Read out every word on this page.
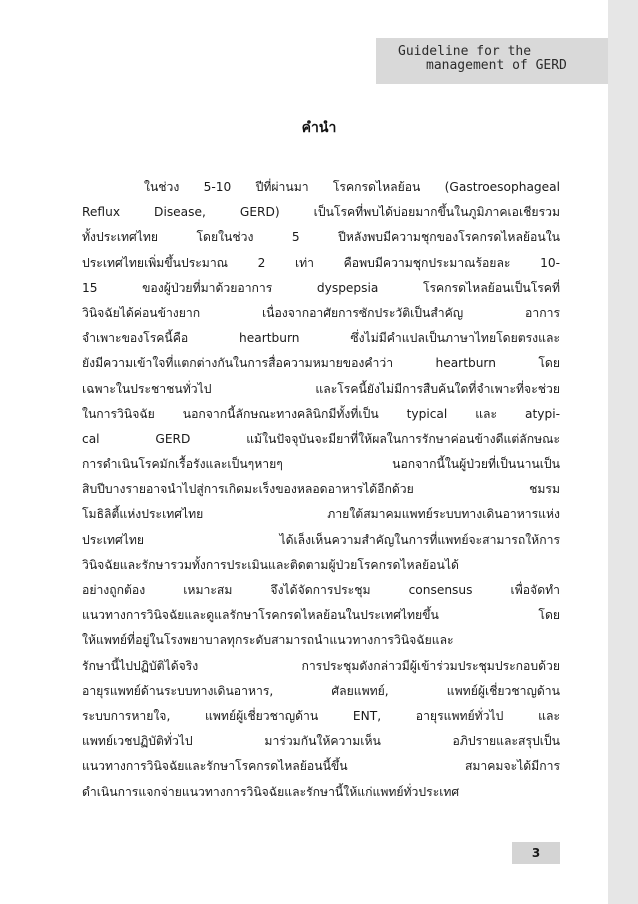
Guideline for the
management of GERD
คำนำ
ในช่วง 5-10 ปีที่ผ่านมา โรคกรดไหลย้อน (Gastroesophageal
Reflux Disease, GERD) เป็นโรคที่พบได้บ่อยมากขึ้นในภูมิภาคเอเชียรวม
ทั้งประเทศไทย โดยในช่วง 5 ปีหลังพบมีความชุกของโรคกรดไหลย้อนใน
ประเทศไทยเพิ่มขึ้นประมาณ 2 เท่า คือพบมีความชุกประมาณร้อยละ 10-
15 ของผู้ป่วยที่มาด้วยอาการ dyspepsia โรคกรดไหลย้อนเป็นโรคที่
วินิจฉัยได้ค่อนข้างยาก เนื่องจากอาศัยการซักประวัติเป็นสำคัญ อาการ
จำเพาะของโรคนี้คือ heartburn ซึ่งไม่มีคำแปลเป็นภาษาไทยโดยตรงและ
ยังมีความเข้าใจที่แตกต่างกันในการสื่อความหมายของคำว่า heartburn โดย
เฉพาะในประชาชนทั่วไป และโรคนี้ยังไม่มีการสืบค้นใดที่จำเพาะที่จะช่วย
ในการวินิจฉัย นอกจากนี้ลักษณะทางคลินิกมีทั้งที่เป็น typical และ atypi-
cal GERD แม้ในปัจจุบันจะมียาที่ให้ผลในการรักษาค่อนข้างดีแต่ลักษณะ
การดำเนินโรคมักเรื้อรังและเป็นๆหายๆ นอกจากนี้ในผู้ป่วยที่เป็นนานเป็น
สิบปีบางรายอาจนำไปสู่การเกิดมะเร็งของหลอดอาหารได้อีกด้วย ชมรม
โมธิลิตี้แห่งประเทศไทย ภายใต้สมาคมแพทย์ระบบทางเดินอาหารแห่ง
ประเทศไทย ได้เล็งเห็นความสำคัญในการที่แพทย์จะสามารถให้การ
วินิจฉัยและรักษารวมทั้งการประเมินและติดตามผู้ป่วยโรคกรดไหลย้อนได้
อย่างถูกต้อง เหมาะสม จึงได้จัดการประชุม consensus เพื่อจัดทำ
แนวทางการวินิจฉัยและดูแลรักษาโรคกรดไหลย้อนในประเทศไทยขึ้น โดย
ให้แพทย์ที่อยู่ในโรงพยาบาลทุกระดับสามารถนำแนวทางการวินิจฉัยและ
รักษานี้ไปปฏิบัติได้จริง การประชุมดังกล่าวมีผู้เข้าร่วมประชุมประกอบด้วย
อายุรแพทย์ด้านระบบทางเดินอาหาร, ศัลยแพทย์, แพทย์ผู้เชี่ยวชาญด้าน
ระบบการหายใจ, แพทย์ผู้เชี่ยวชาญด้าน ENT, อายุรแพทย์ทั่วไป และ
แพทย์เวชปฏิบัติทั่วไป มาร่วมกันให้ความเห็น อภิปรายและสรุปเป็น
แนวทางการวินิจฉัยและรักษาโรคกรดไหลย้อนนี้ขึ้น สมาคมจะได้มีการ
ดำเนินการแจกจ่ายแนวทางการวินิจฉัยและรักษานี้ให้แก่แพทย์ทั่วประเทศ
3
